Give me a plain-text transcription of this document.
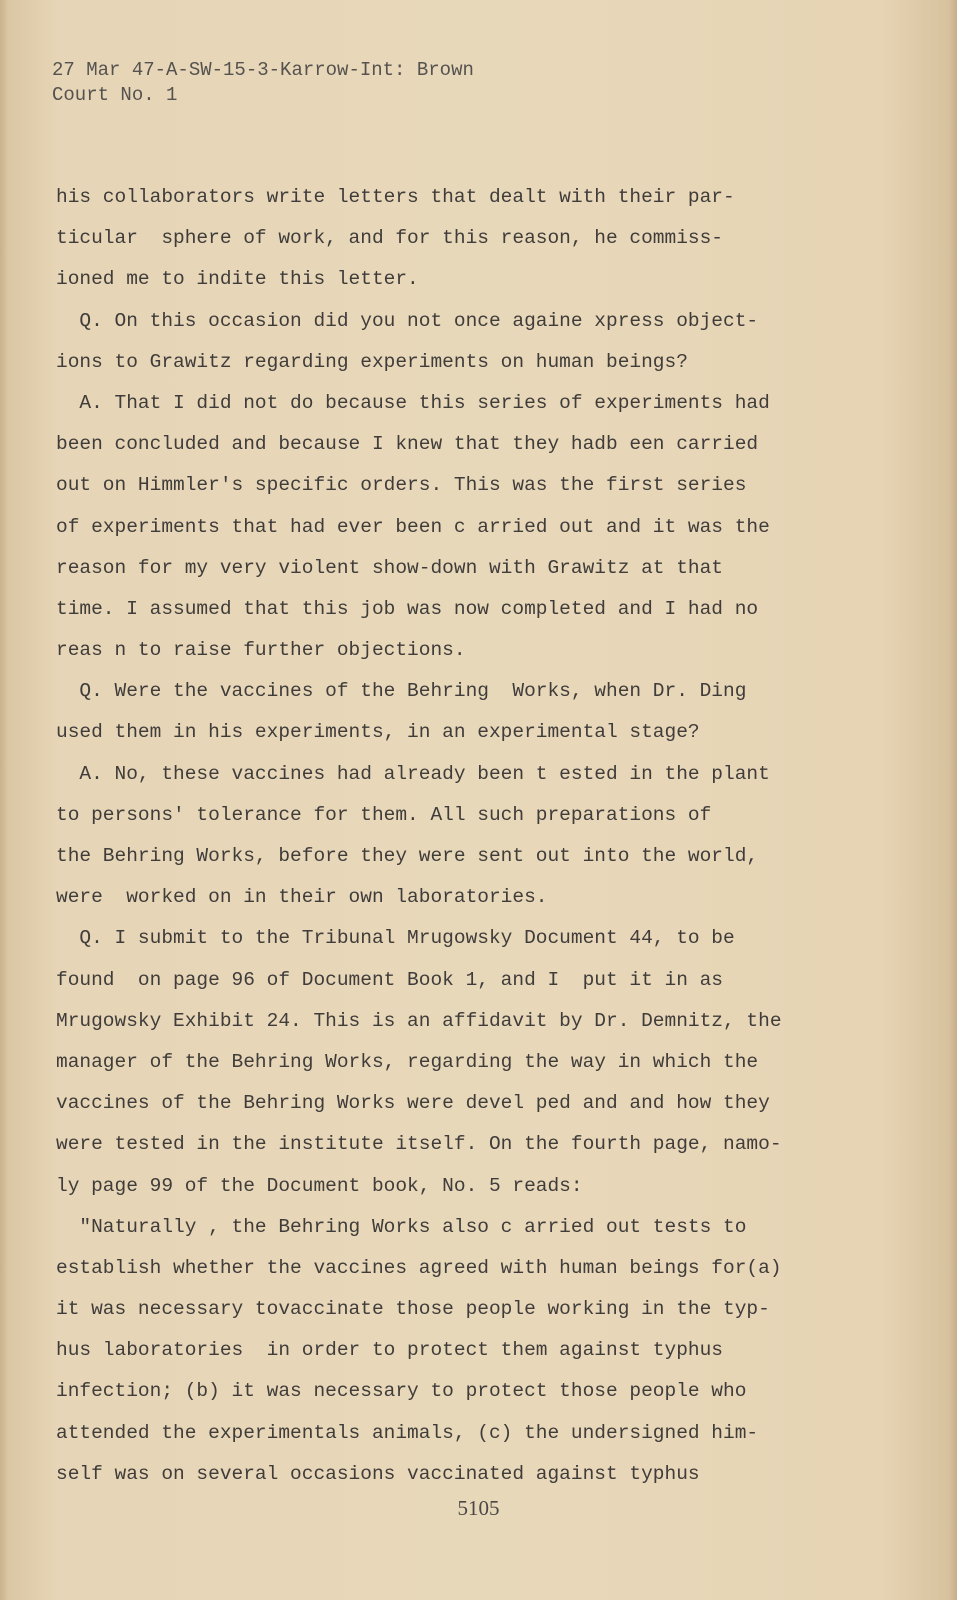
27 Mar 47-A-SW-15-3-Karrow-Int: Brown
Court No. 1
his collaborators write letters that dealt with their par-
ticular  sphere of work, and for this reason, he commiss-
ioned me to indite this letter.
Q. On this occasion did you not once againe xpress object-
ions to Grawitz regarding experiments on human beings?
A. That I did not do because this series of experiments had
been concluded and because I knew that they hadb een carried
out on Himmler's specific orders. This was the first series
of experiments that had ever been c arried out and it was the
reason for my very violent show-down with Grawitz at that
time. I assumed that this job was now completed and I had no
reas n to raise further objections.
Q. Were the vaccines of the Behring  Works, when Dr. Ding
used them in his experiments, in an experimental stage?
A. No, these vaccines had already been t ested in the plant
to persons' tolerance for them. All such preparations of
the Behring Works, before they were sent out into the world,
were  worked on in their own laboratories.
Q. I submit to the Tribunal Mrugowsky Document 44, to be
found  on page 96 of Document Book 1, and I  put it in as
Mrugowsky Exhibit 24. This is an affidavit by Dr. Demnitz, the
manager of the Behring Works, regarding the way in which the
vaccines of the Behring Works were devel ped and and how they
were tested in the institute itself. On the fourth page, namo-
ly page 99 of the Document book, No. 5 reads:
"Naturally , the Behring Works also c arried out tests to
establish whether the vaccines agreed with human beings for(a)
it was necessary tovaccinate those people working in the typ-
hus laboratories  in order to protect them against typhus
infection; (b) it was necessary to protect those people who
attended the experimentals animals, (c) the undersigned him-
self was on several occasions vaccinated against typhus
5105
